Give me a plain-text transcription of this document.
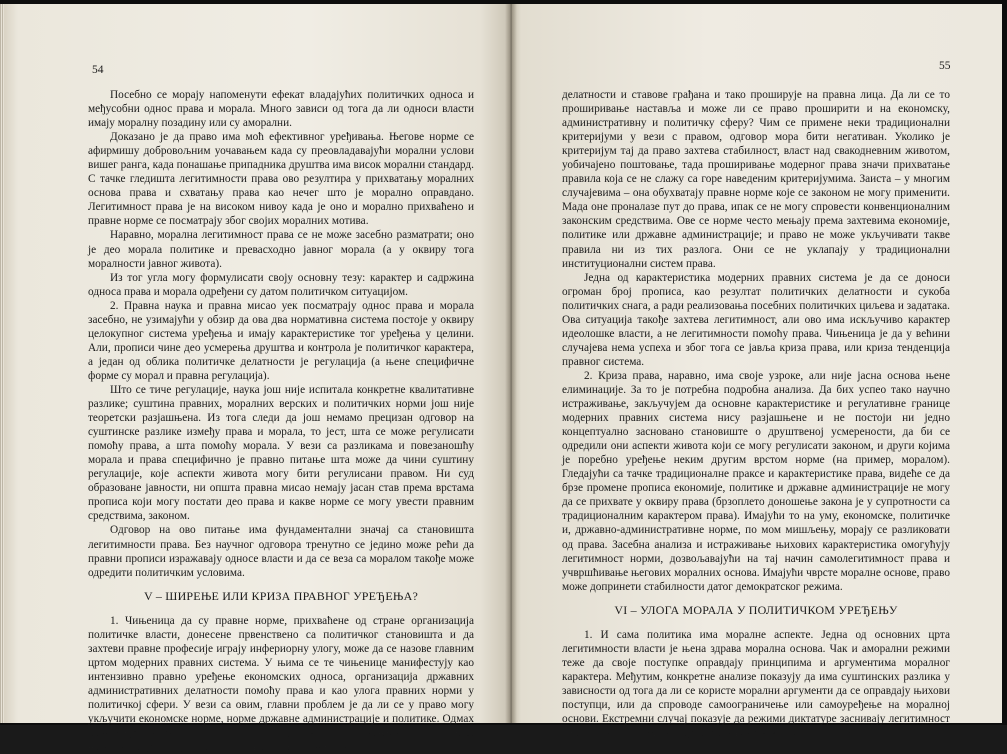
54

Посебно се морају напоменути ефекат владајућих политичких односа и међусобни однос права и морала. Много зависи од тога да ли односи власти имају моралну позадину или су аморални.

Доказано је да право има моћ ефективног уређивања. Његове норме се афирмишу добровољним уочавањем када су преовладавајући морални услови вишег ранга, када понашање припадника друштва има висок морални стандард. С тачке гледишта легитимности права ово резултира у прихватању моралних основа права и схватању права као нечег што је морално оправдано. Легитимност права је на високом нивоу када је оно и морално прихваћено и правне норме се посматрају због својих моралних мотива.

Наравно, морална легитимност права се не може засебно разматрати; оно је део морала политике и превасходно јавног морала (а у оквиру тога моралности јавног живота).

Из тог угла могу формулисати своју основну тезу: карактер и садржина односа права и морала одређени су датом политичком ситуацијом.

2. Правна наука и правна мисао уек посматрају однос права и морала засебно, не узимајући у обзир да ова два нормативна система постоје у оквиру целокупног система уређења и имају карактеристике тог уређења у целини. Али, прописи чине део усмерења друштва и контрола је политичког карактера, а један од облика политичке делатности је регулација (а њене специфичне форме су морал и правна регулација).

Што се тиче регулације, наука још није испитала конкретне квалитативне разлике; суштина правних, моралних верских и политичких норми још није теоретски разјашњена. Из тога следи да још немамо прецизан одговор на суштинске разлике између права и морала, то јест, шта се може регулисати помоћу права, а шта помоћу морала. У вези са разликама и повезаношћу морала и права специфично је правно питање шта може да чини суштину регулације, које аспекти живота могу бити регулисани правом. Ни суд образоване јавности, ни општа правна мисао немају јасан став према врстама прописа који могу постати део права и какве норме се могу увести правним средствима, законом.

Одговор на ово питање има фундаментални значај са становишта легитимности права. Без научног одговора тренутно се једино може рећи да правни прописи изражавају односе власти и да се веза са моралом такође може одредити политичким условима.

V – ШИРЕЊЕ ИЛИ КРИЗА ПРАВНОГ УРЕЂЕЊА?

1. Чињеница да су правне норме, прихваћене од стране организација политичке власти, донесене првенствено са политичког становишта и да захтеви правне професије играју инфериорну улогу, може да се назове главним цртом модерних правних система. У њима се те чињенице манифестују као интензивно правно уређење економских односа, организација државних административних делатности помоћу права и као улога правних норми у политичкој сфери. У вези са овим, главни проблем је да ли се у право могу укључити економске норме, норме државне администрације и политике. Одмах се може утврдити да, уколико се право тумачи на традиционалан начин, оне се не могу укључити, јер се право првенствено усмерава на

55

делатности и ставове грађана и тако проширује на правна лица. Да ли се то проширивање наставља и може ли се право проширити и на економску, административну и политичку сферу? Чим се примене неки традиционални критеријуми у вези с правом, одговор мора бити негативан. Уколико је критеријум тај да право захтева стабилност, власт над свакодневним животом, уобичајено поштовање, тада проширивање модерног права значи прихватање правила која се не слажу са горе наведеним критеријумима. Заиста – у многим случајевима – она обухватају правне норме које се законом не могу применити. Мада оне проналазе пут до права, ипак се не могу спровести конвенционалним законским средствима. Ове се норме често мењају према захтевима економије, политике или државне администрације; и право не може укључивати такве правила ни из тих разлога. Они се не уклапају у традиционални институционални систем права.

Једна од карактеристика модерних правних система је да се доноси огроман број прописа, као резултат политичких делатности и сукоба политичких снага, а ради реализовања посебних политичких циљева и задатака. Ова ситуација такође захтева легитимност, али ово има искључиво карактер идеолошке власти, а не легитимности помоћу права. Чињеница је да у већини случајева нема успеха и због тога се јавља криза права, или криза тенденција правног система.

2. Криза права, наравно, има своје узроке, али није јасна основа њене елиминације. За то је потребна подробна анализа. Да бих успео тако научно истраживање, закључујем да основне карактеристике и регулативне границе модерних правних система нису разјашњене и не постоји ни једно концептуално засновано становиште о друштвеној усмерености, да би се одредили они аспекти живота који се могу регулисати законом, и други којима је поребно уређење неким другим врстом норме (на пример, моралом). Гледајући са тачке традиционалне праксе и карактеристике права, видеће се да брзе промене прописа економије, политике и државне администрације не могу да се прихвате у оквиру права (брзоплето доношење закона је у супротности са традиционалним карактером права). Имајући то на уму, економске, политичке и, државно-административне норме, по мом мишљењу, морају се разликовати од права. Засебна анализа и истраживање њихових карактеристика омогућују легитимност норми, дозвољавајући на тај начин самолегитимност права и учвршћивање његових моралних основа. Имајући чврсте моралне основе, право може допринети стабилности датог демократског режима.

VI – УЛОГА МОРАЛА У ПОЛИТИЧКОМ УРЕЂЕЊУ

1. И сама политика има моралне аспекте. Једна од основних црта легитимности власти је њена здрава морална основа. Чак и аморални режими теже да своје поступке оправдају принципима и аргументима моралног карактера. Међутим, конкретне анализе показују да има суштинских разлика у зависности од тога да ли се користе морални аргументи да се оправдају њихови поступци, или да спроводе самоограничење или самоуређење на моралној основи. Екстремни случај показује да режими диктатуре заснивају легитимност деспотизма и правдају злоупотребу власти моралним и прав-
